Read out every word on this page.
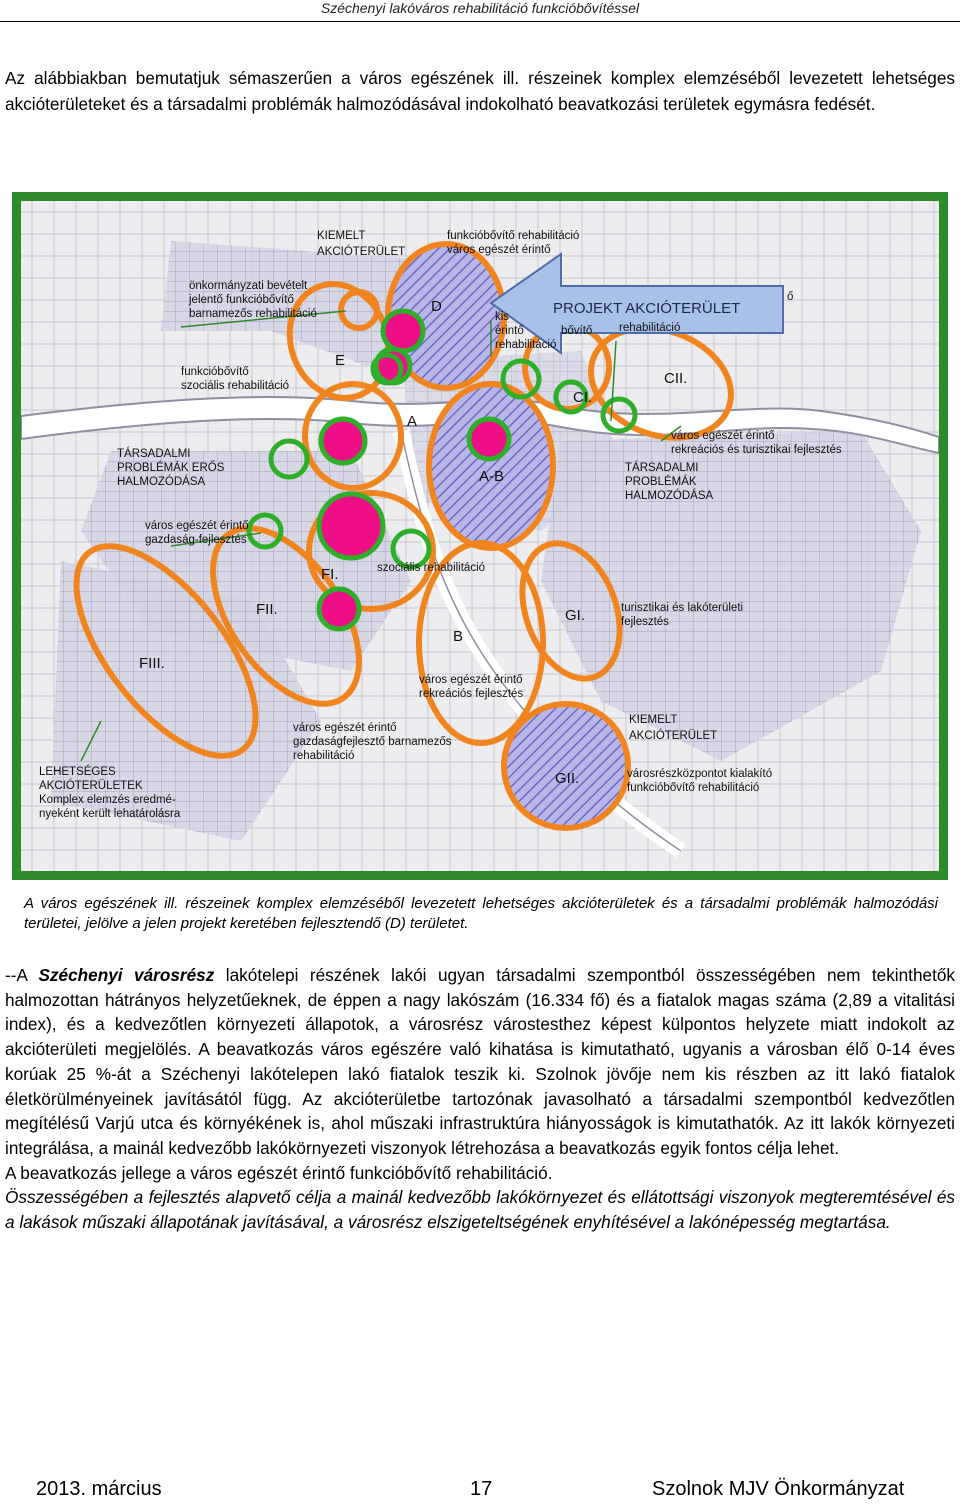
Széchenyi lakóváros rehabilitáció funkcióbővítéssel

Az alábbiakban bemutatjuk sémaszerűen a város egészének ill. részeinek komplex elemzéséből levezetett lehetséges akcióterületeket és a társadalmi problémák halmozódásával indokolható beavatkozási területek egymásra fedését.

PROJEKT AKCIÓTERÜLET
D
E
A
A-B
CI.
CII.
FI.
FII.
FIII.
B
GI.
GII.
KIEMELT
AKCIÓTERÜLET
funkcióbővítő rehabilitáció
város egészét érintő
önkormányzati bevételt
jelentő funkcióbővítő
barnamezős rehabilitáció	kis
érintő
rehabilitáció
bővítő rehabilitáció
ő
funkcióbővítő
szociális rehabilitáció
TÁRSADALMI
PROBLÉMÁK ERŐS
HALMOZÓDÁSA
város egészét érintő
gazdaság-fejlesztés
szociális rehabilitáció
város egészét érintő
rekreációs és turisztikai fejlesztés
TÁRSADALMI
PROBLÉMÁK
HALMOZÓDÁSA
turisztikai és lakóterületi
fejlesztés
város egészét érintő
rekreációs fejlesztés
város egészét érintő
gazdaságfejlesztő barnamezős
rehabilitáció
KIEMELT
AKCIÓTERÜLET
városrészközpontot kialakító
funkcióbővítő rehabilitáció
LEHETSÉGES
AKCIÓTERÜLETEK
Komplex elemzés eredmé-
nyeként került lehatárolásra

A város egészének ill. részeinek komplex elemzéséből levezetett lehetséges akcióterületek és a társadalmi problémák halmozódási területei, jelölve a jelen projekt keretében fejlesztendő (D) területet.

--A Széchenyi városrész lakótelepi részének lakói ugyan társadalmi szempontból összességében nem tekinthetők halmozottan hátrányos helyzetűeknek, de éppen a nagy lakószám (16.334 fő) és a fiatalok magas száma (2,89 a vitalitási index), és a kedvezőtlen környezeti állapotok, a városrész várostesthez képest külpontos helyzete miatt indokolt az akcióterületi megjelölés. A beavatkozás város egészére való kihatása is kimutatható, ugyanis a városban élő 0-14 éves korúak 25 %-át a Széchenyi lakótelepen lakó fiatalok teszik ki. Szolnok jövője nem kis részben az itt lakó fiatalok életkörülményeinek javításától függ. Az akcióterületbe tartozónak javasolható a társadalmi szempontból kedvezőtlen megítélésű Varjú utca és környékének is, ahol műszaki infrastruktúra hiányosságok is kimutathatók. Az itt lakók környezeti integrálása, a mainál kedvezőbb lakókörnyezeti viszonyok létrehozása a beavatkozás egyik fontos célja lehet.

A beavatkozás jellege a város egészét érintő funkcióbővítő rehabilitáció.

Összességében a fejlesztés alapvető célja a mainál kedvezőbb lakókörnyezet és ellátottsági viszonyok megteremtésével és a lakások műszaki állapotának javításával, a városrész elszigeteltségének enyhítésével a lakónépesség megtartása.

2013. március	17	Szolnok MJV Önkormányzat
